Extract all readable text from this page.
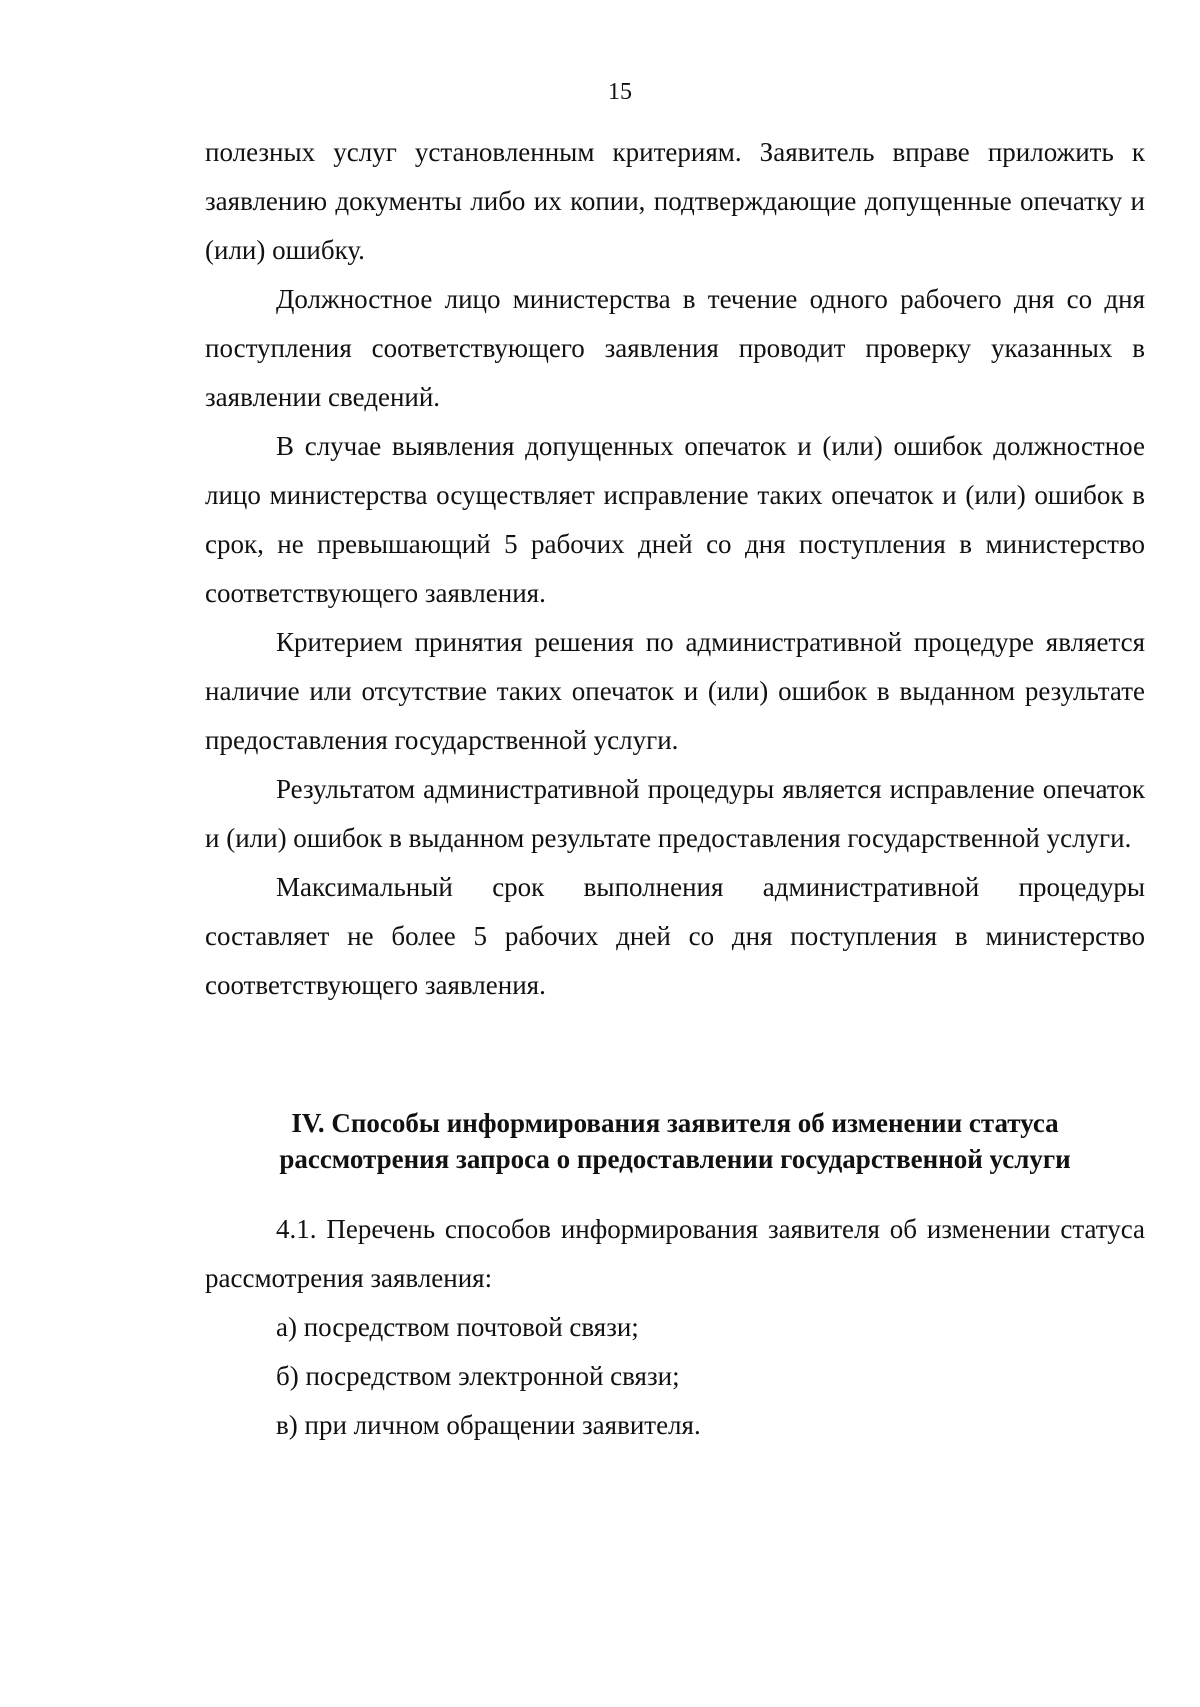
15

полезных услуг установленным критериям. Заявитель вправе приложить к заявлению документы либо их копии, подтверждающие допущенные опечатку и (или) ошибку.

Должностное лицо министерства в течение одного рабочего дня со дня поступления соответствующего заявления проводит проверку указанных в заявлении сведений.

В случае выявления допущенных опечаток и (или) ошибок должностное лицо министерства осуществляет исправление таких опечаток и (или) ошибок в срок, не превышающий 5 рабочих дней со дня поступления в министерство соответствующего заявления.

Критерием принятия решения по административной процедуре является наличие или отсутствие таких опечаток и (или) ошибок в выданном результате предоставления государственной услуги.

Результатом административной процедуры является исправление опечаток и (или) ошибок в выданном результате предоставления государственной услуги.

Максимальный срок выполнения административной процедуры составляет не более 5 рабочих дней со дня поступления в министерство соответствующего заявления.

IV. Способы информирования заявителя об изменении статуса
рассмотрения запроса о предоставлении государственной услуги

4.1. Перечень способов информирования заявителя об изменении статуса рассмотрения заявления:

а) посредством почтовой связи;

б) посредством электронной связи;

в) при личном обращении заявителя.
